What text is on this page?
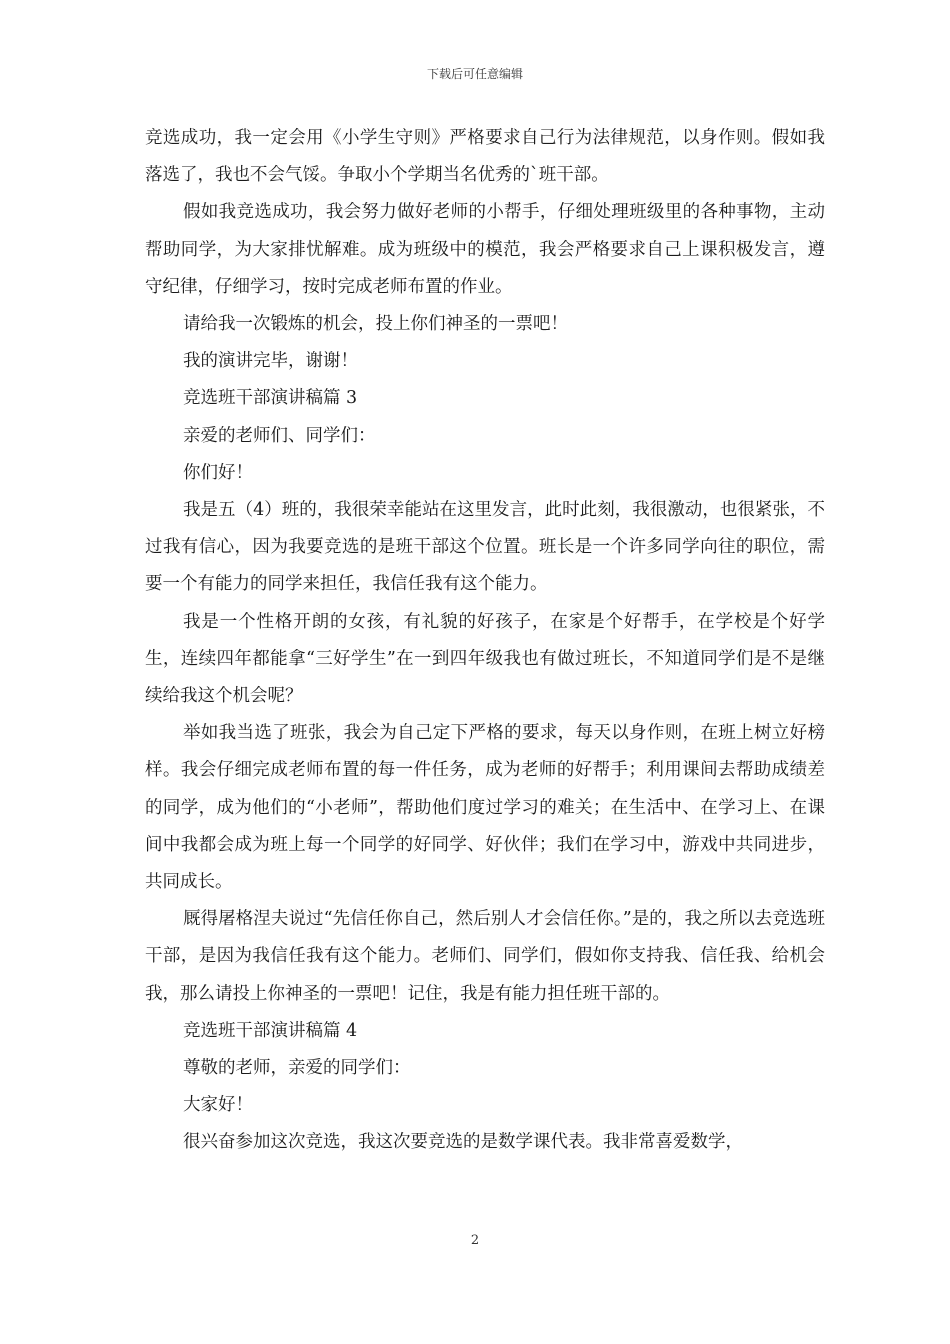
下载后可任意编辑

竞选成功，我一定会用《小学生守则》严格要求自己行为法律规范，以身作则。假如我落选了，我也不会气馁。争取小个学期当名优秀的`班干部。

假如我竞选成功，我会努力做好老师的小帮手，仔细处理班级里的各种事物，主动帮助同学，为大家排忧解难。成为班级中的模范，我会严格要求自己上课积极发言，遵守纪律，仔细学习，按时完成老师布置的作业。

请给我一次锻炼的机会，投上你们神圣的一票吧！

我的演讲完毕，谢谢！

竞选班干部演讲稿篇 3

亲爱的老师们、同学们：

你们好！

我是五（4）班的，我很荣幸能站在这里发言，此时此刻，我很激动，也很紧张，不过我有信心，因为我要竞选的是班干部这个位置。班长是一个许多同学向往的职位，需要一个有能力的同学来担任，我信任我有这个能力。

我是一个性格开朗的女孩，有礼貌的好孩子，在家是个好帮手，在学校是个好学生，连续四年都能拿“三好学生”在一到四年级我也有做过班长，不知道同学们是不是继续给我这个机会呢？

举如我当选了班张，我会为自己定下严格的要求，每天以身作则，在班上树立好榜样。我会仔细完成老师布置的每一件任务，成为老师的好帮手；利用课间去帮助成绩差的同学，成为他们的“小老师”，帮助他们度过学习的难关；在生活中、在学习上、在课间中我都会成为班上每一个同学的好同学、好伙伴；我们在学习中，游戏中共同进步，共同成长。

厩得屠格涅夫说过“先信任你自己，然后别人才会信任你。”是的，我之所以去竞选班干部，是因为我信任我有这个能力。老师们、同学们，假如你支持我、信任我、给机会我，那么请投上你神圣的一票吧！记住，我是有能力担任班干部的。

竞选班干部演讲稿篇 4

尊敬的老师，亲爱的同学们：

大家好！

很兴奋参加这次竞选，我这次要竞选的是数学课代表。我非常喜爱数学，

2
